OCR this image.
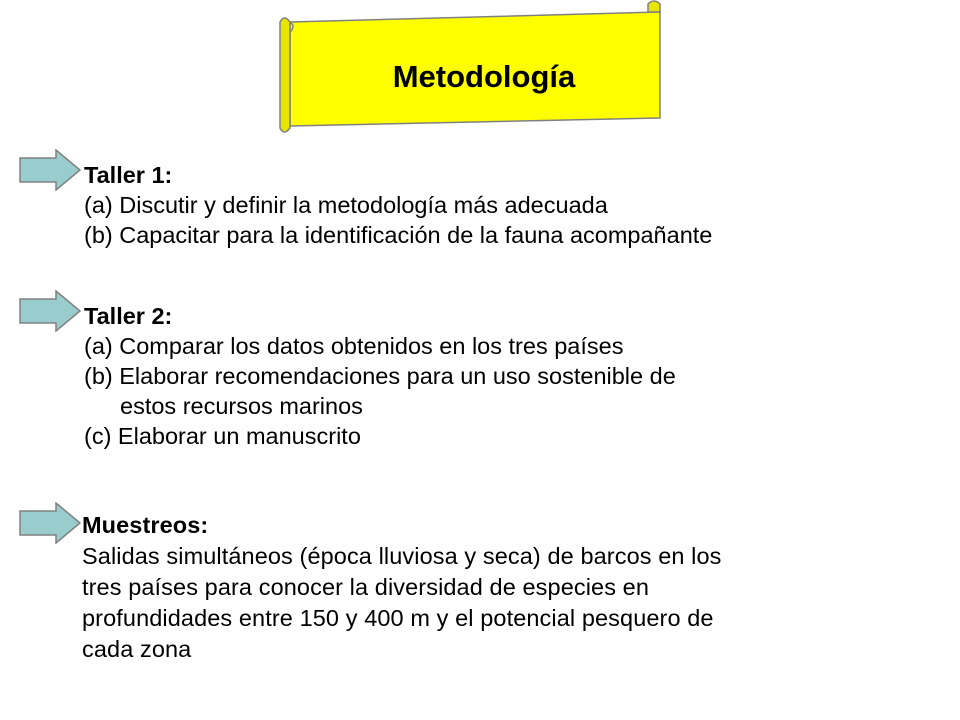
Metodología
Taller 1:
(a) Discutir y definir la metodología más adecuada
(b) Capacitar para la identificación de la fauna acompañante
Taller 2:
(a) Comparar los datos obtenidos en los tres países
(b) Elaborar recomendaciones para un uso sostenible de
estos recursos marinos
(c) Elaborar un manuscrito
Muestreos:
Salidas simultáneos (época lluviosa y seca) de barcos en los
tres países para conocer la diversidad de especies en
profundidades entre 150 y 400 m y el potencial pesquero de
cada zona
